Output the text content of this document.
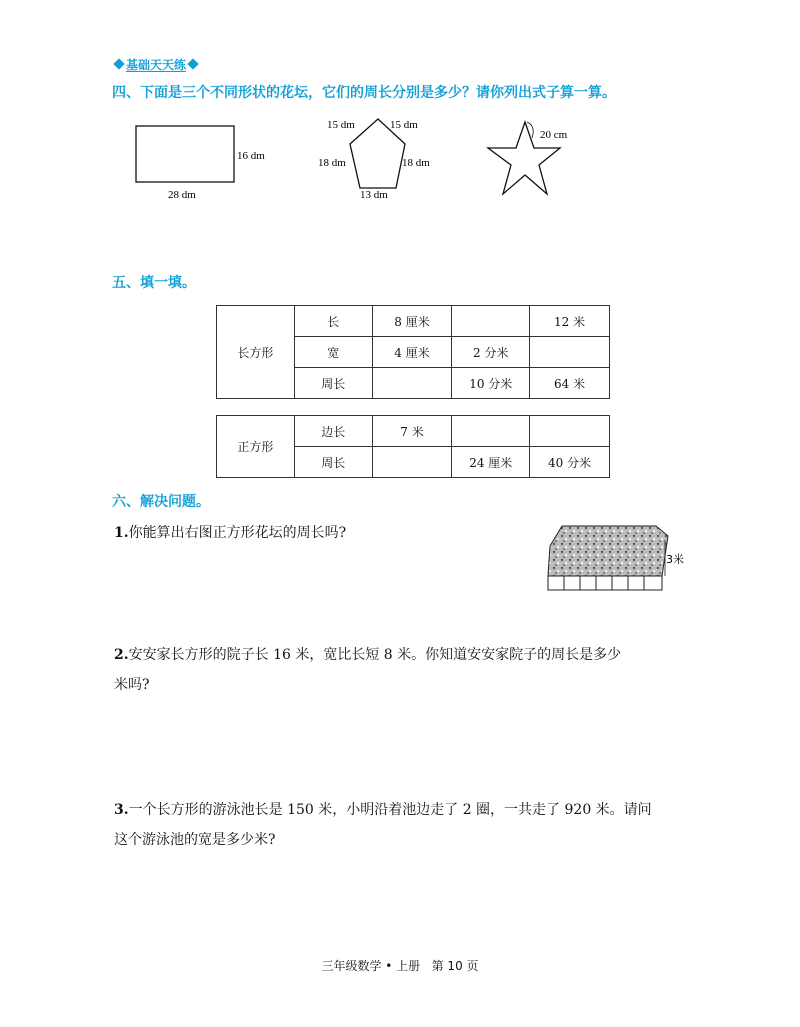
基础天天练
四、下面是三个不同形状的花坛，它们的周长分别是多少？请你列出式子算一算。
16 dm
28 dm
15 dm	15 dm
18 dm	18 dm
13 dm
20 cm
五、填一填。
长方形	长	8 厘米		12 米
	宽	4 厘米	2 分米	
	周长		10 分米	64 米
正方形	边长	7 米		
	周长		24 厘米	40 分米
六、解决问题。
1.你能算出右图正方形花坛的周长吗?
3米
2.安安家长方形的院子长 16 米，宽比长短 8 米。你知道安安家院子的周长是多少
米吗?
3.一个长方形的游泳池长是 150 米，小明沿着池边走了 2 圈，一共走了 920 米。请问
这个游泳池的宽是多少米?
三年级数学 • 上册   第 10 页
